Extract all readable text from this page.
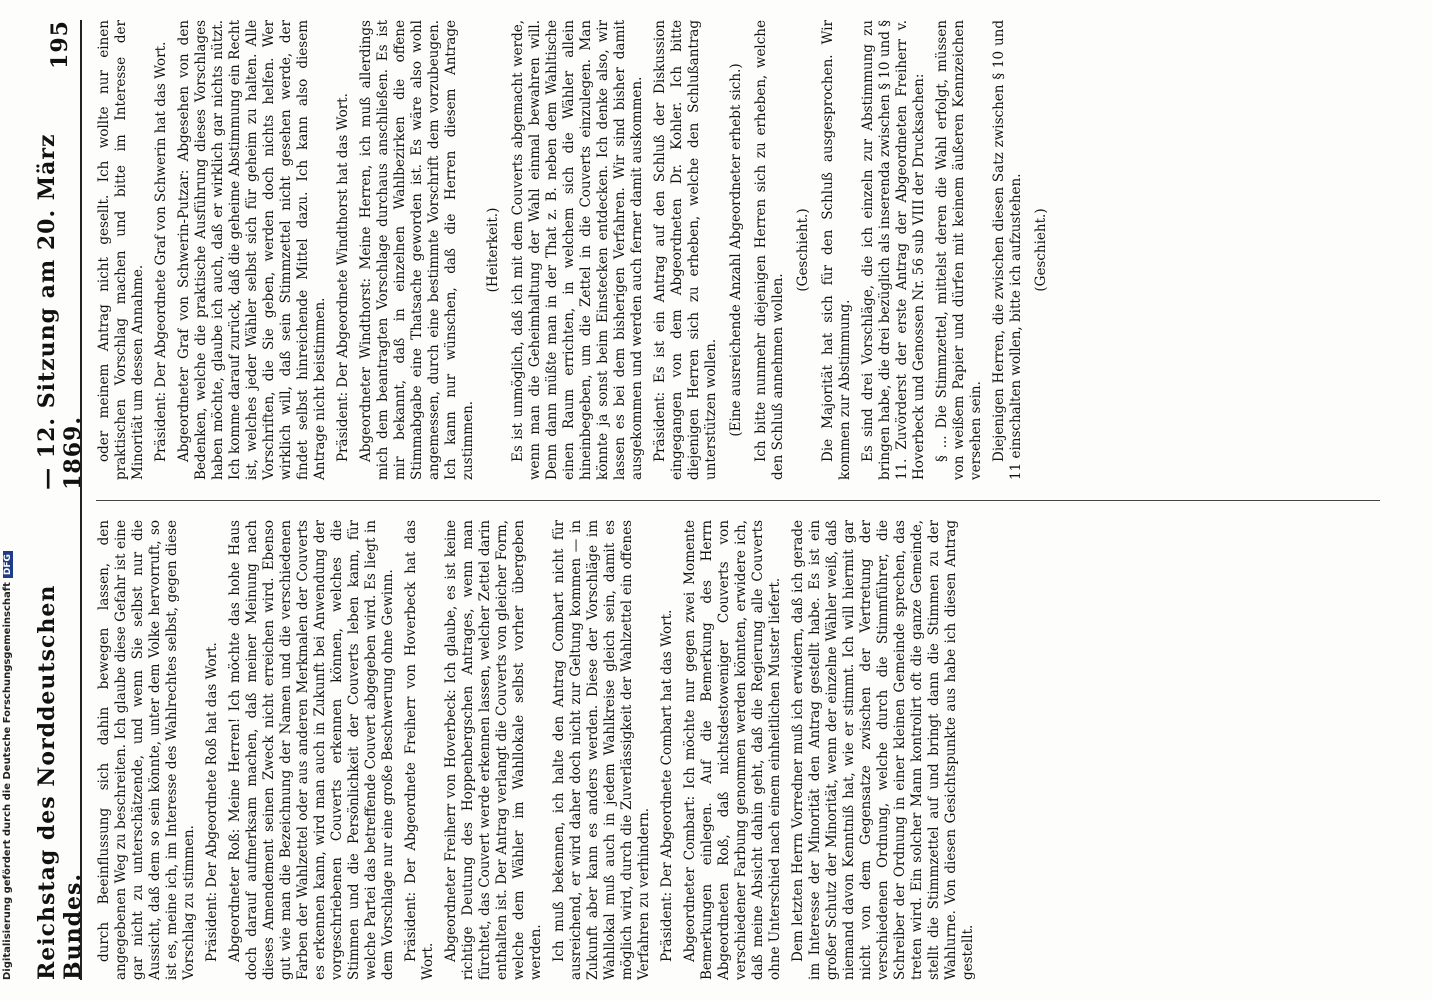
Digitalisierung gefördert durch die Deutsche ForschungsgemeinschaftDFG
Reichstag des Norddeutschen Bundes.
— 12. Sitzung am 20. März 1869.
195

durch Beeinflussung sich dahin bewegen lassen, den angegebenen Weg zu beschreiten. Ich glaube diese Gefahr ist eine gar nicht zu unterschätzende, und wenn Sie selbst nur die Aussicht, daß dem so sein könnte, unter dem Volke hervorruft, so ist es, meine ich, im Interesse des Wahlrechtes selbst, gegen diese Vorschlag zu stimmen. Präsident: Der Abgeordnete Roß hat das Wort. Abgeordneter Roß: Meine Herren! Ich möchte das hohe Haus doch darauf aufmerksam machen, daß meiner Meinung nach dieses Amendement seinen Zweck nicht erreichen wird. Ebenso gut wie man die Bezeichnung der Namen und die verschiedenen Farben der Wahlzettel oder aus anderen Merkmalen der Couverts es erkennen kann, wird man auch in Zukunft bei Anwendung der vorgeschriebenen Couverts erkennen können, welches die Stimmen und die Persönlichkeit der Couverts leben kann, für welche Partei das betreffende Couvert abgegeben wird. Es liegt in dem Vorschlage nur eine große Beschwerung ohne Gewinn. Präsident: Der Abgeordnete Freiherr von Hoverbeck hat das Wort. Abgeordneter Freiherr von Hoverbeck: Ich glaube, es ist keine richtige Deutung des Hoppenbergschen Antrages, wenn man fürchtet, das Couvert werde erkennen lassen, welcher Zettel darin enthalten ist. Der Antrag verlangt die Couverts von gleicher Form, welche dem Wähler im Wahllokale selbst vorher übergeben werden. Ich muß bekennen, ich halte den Antrag Combart nicht für ausreichend, er wird daher doch nicht zur Geltung kommen — in Zukunft aber kann es anders werden. Diese der Vorschläge im Wahllokal muß auch in jedem Wahlkreise gleich sein, damit es möglich wird, durch die Zuverlässigkeit der Wahlzettel ein offenes Verfahren zu verhindern. Präsident: Der Abgeordnete Combart hat das Wort. Abgeordneter Combart: Ich möchte nur gegen zwei Momente Bemerkungen einlegen. Auf die Bemerkung des Herrn Abgeordneten Roß, daß nichtsdestoweniger Couverts von verschiedener Farbung genommen werden könnten, erwidere ich, daß meine Absicht dahin geht, daß die Regierung alle Couverts ohne Unterschied nach einem einheitlichen Muster liefert. Dem letzten Herrn Vorredner muß ich erwidern, daß ich gerade im Interesse der Minorität den Antrag gestellt habe. Es ist ein großer Schutz der Minorität, wenn der einzelne Wähler weiß, daß niemand davon Kenntniß hat, wie er stimmt. Ich will hiermit gar nicht von dem Gegensatze zwischen der Vertretung der verschiedenen Ordnung, welche durch die Stimmführer, die Schreiber der Ordnung in einer kleinen Gemeinde sprechen, das treten wird. Ein solcher Mann kontrolirt oft die ganze Gemeinde, stellt die Stimmzettel auf und bringt dann die Stimmen zu der Wahlurne. Von diesen Gesichtspunkte aus habe ich diesen Antrag gestellt.

oder meinem Antrag nicht gesellt. Ich wollte nur einen praktischen Vorschlag machen und bitte im Interesse der Minorität um dessen Annahme. Präsident: Der Abgeordnete Graf von Schwerin hat das Wort. Abgeordneter Graf von Schwerin-Putzar: Abgesehen von den Bedenken, welche die praktische Ausführung dieses Vorschlages haben möchte, glaube ich auch, daß er wirklich gar nichts nützt. Ich komme darauf zurück, daß die geheime Abstimmung ein Recht ist, welches jeder Wähler selbst sich für geheim zu halten. Alle Vorschriften, die Sie geben, werden doch nichts helfen. Wer wirklich will, daß sein Stimmzettel nicht gesehen werde, der findet selbst hinreichende Mittel dazu. Ich kann also diesem Antrage nicht beistimmen. Präsident: Der Abgeordnete Windthorst hat das Wort. Abgeordneter Windthorst: Meine Herren, ich muß allerdings mich dem beantragten Vorschlage durchaus anschließen. Es ist mir bekannt, daß in einzelnen Wahlbezirken die offene Stimmabgabe eine Thatsache geworden ist. Es wäre also wohl angemessen, durch eine bestimmte Vorschrift dem vorzubeugen. Ich kann nur wünschen, daß die Herren diesem Antrage zustimmen.

(Heiterkeit.) Es ist unmöglich, daß ich mit dem Couverts abgemacht werde, wenn man die Geheimhaltung der Wahl einmal bewahren will. Denn dann müßte man in der That z. B. neben dem Wahltische einen Raum errichten, in welchem sich die Wähler allein hineinbegeben, um die Zettel in die Couverts einzulegen. Man könnte ja sonst beim Einstecken entdecken. Ich denke also, wir lassen es bei dem bisherigen Verfahren. Wir sind bisher damit ausgekommen und werden auch ferner damit auskommen. Präsident: Es ist ein Antrag auf den Schluß der Diskussion eingegangen von dem Abgeordneten Dr. Kohler. Ich bitte diejenigen Herren sich zu erheben, welche den Schlußantrag unterstützen wollen. (Eine ausreichende Anzahl Abgeordneter erhebt sich.) Ich bitte nunmehr diejenigen Herren sich zu erheben, welche den Schluß annehmen wollen.

(Geschieht.) Die Majorität hat sich für den Schluß ausgesprochen. Wir kommen zur Abstimmung. Es sind drei Vorschläge, die ich einzeln zur Abstimmung zu bringen habe, die drei bezüglich als inserenda zwischen § 10 und § 11. Zuvörderst der erste Antrag der Abgeordneten Freiherr v. Hoverbeck und Genossen Nr. 56 sub VIII der Drucksachen: § ... Die Stimmzettel, mittelst deren die Wahl erfolgt, müssen von weißem Papier und dürfen mit keinem äußeren Kennzeichen versehen sein. Diejenigen Herren, die zwischen diesen Satz zwischen § 10 und 11 einschalten wollen, bitte ich aufzustehen. (Geschieht.)
